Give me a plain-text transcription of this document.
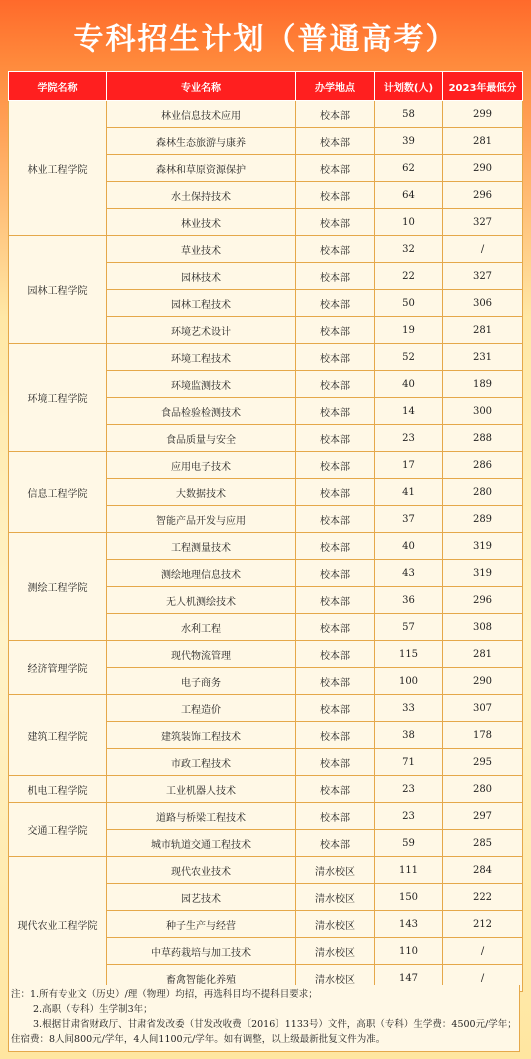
专科招生计划（普通高考）
学院名称	专业名称	办学地点	计划数(人)	2023年最低分
林业工程学院	林业信息技术应用	校本部	58	299
	森林生态旅游与康养	校本部	39	281
	森林和草原资源保护	校本部	62	290
	水土保持技术	校本部	64	296
	林业技术	校本部	10	327
园林工程学院	草业技术	校本部	32	/
	园林技术	校本部	22	327
	园林工程技术	校本部	50	306
	环境艺术设计	校本部	19	281
环境工程学院	环境工程技术	校本部	52	231
	环境监测技术	校本部	40	189
	食品检验检测技术	校本部	14	300
	食品质量与安全	校本部	23	288
信息工程学院	应用电子技术	校本部	17	286
	大数据技术	校本部	41	280
	智能产品开发与应用	校本部	37	289
测绘工程学院	工程测量技术	校本部	40	319
	测绘地理信息技术	校本部	43	319
	无人机测绘技术	校本部	36	296
	水利工程	校本部	57	308
经济管理学院	现代物流管理	校本部	115	281
	电子商务	校本部	100	290
建筑工程学院	工程造价	校本部	33	307
	建筑装饰工程技术	校本部	38	178
	市政工程技术	校本部	71	295
机电工程学院	工业机器人技术	校本部	23	280
交通工程学院	道路与桥梁工程技术	校本部	23	297
	城市轨道交通工程技术	校本部	59	285
现代农业工程学院	现代农业技术	清水校区	111	284
	园艺技术	清水校区	150	222
	种子生产与经营	清水校区	143	212
	中草药栽培与加工技术	清水校区	110	/
	畜禽智能化养殖	清水校区	147	/
注：1.所有专业文（历史）/理（物理）均招，再选科目均不提科目要求；
2.高职（专科）生学制3年；
3.根据甘肃省财政厅、甘肃省发改委（甘发改收费〔2016〕1133号）文件，高职（专科）生学费：4500元/学年；住宿费：8人间800元/学年，4人间1100元/学年。如有调整，以上级最新批复文件为准。
